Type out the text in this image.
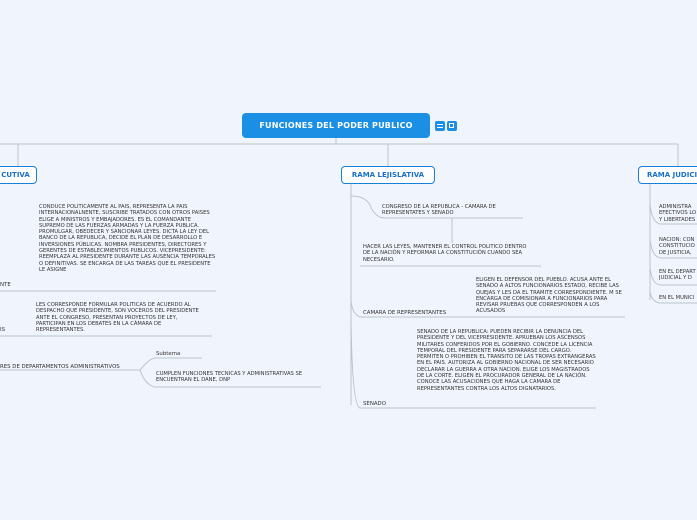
FUNCIONES DEL PODER PUBLICO
CUTIVA
NTE
CONDUCE POLITICAMENTE AL PAIS, REPRESENTA LA PAIS INTERNACIONALNENTE, SUSCRIBE TRATADOS CON OTROS PAISES ELIGE A MINISTROS Y EMBAJADORES. ES EL COMANDANTE SUPREMO DE LAS FUERZAS ARMADAS Y LA FUERZA PUBLICA. PROMULGAR, OBEDECER Y SANCIONAR LEYES. DICTA LA LEY DEL BANCO DE LA REPUBLICA, DECIDE EL PLAN DE DESARROLLO E INVERSIONES PÚBLICAS. NOMBRA PRESIDENTES, DIRECTORES Y GERENTES DE ESTABLECIMIENTOS PUBLICOS. VICEPRESIDENTE: REEMPLAZA AL PRESIDENTE DURANTE LAS AUSENCIA TEMPORALES O DEFINITIVAS. SE ENCARGA DE LAS TAREAS QUE EL PRESIDENTE LE ASIGNE
IS
LES CORRESPONDE FORMULAR POLITICAS DE ACUERDO AL DESPACHO QUE PRESIDENTE, SON VOCEROS DEL PRESIDENTE ANTE EL CONGRESO, PRESENTAN PROYECTOS DE LEY, PARTICIPAN EN LOS DEBATES EN LA CÁMARA DE REPRESENTANTES.
RES DE DEPARTAMENTOS ADMINISTRATIVOS
Subtema
CUMPLEN FUNCIONES TECNICAS Y ADMINISTRATIVAS SE ENCUENTRAN EL DANE, DNP
RAMA LEJISLATIVA
CONGRESO DE LA REPUBLICA - CAMARA DE REPRESENTATES Y SENADO
HACER LAS LEYES, MANTENER EL CONTROL POLITICO DENTRO DE LA NACIÓN Y REFORMAR LA CONSTITUCIÓN CUANDO SEA NECESARIO.
CAMARA DE REPRESENTANTES
ELIGEN EL DEFENSOR DEL PUEBLO. ACUSA ANTE EL SENADO A ALTOS FUNCIONARIOS ESTADO, RECIBE LAS QUEJAS Y LES DA EL TRAMITE CORRESPONDIENTE. M SE ENCARGA DE COMISIONAR A FUNCIONARIOS PARA REVISAR PRUEBAS QUE CORRESPONDEN A LOS ACUSADOS
SENADO
SENADO DE LA REPUBLICA: PUEDEN RECIBIR LA DENUNCIA DEL PRESIDENTE Y DEL VICEPRESIDENTE. APRUEBAN LOS ASCENSOS MILITARES CONFERIDOS POR EL GOBIERNO. CONCEDE LA LICENCIA TEMPORAL DEL PRESIDENTE PARA SEPARARSE DEL CARGO. PERMITEN O PROHIBEN EL TRANSITO DE LAS TROPAS EXTRANGERAS EN EL PAIS. AUTORIZA AL GOBIERNO NACIONAL DE SER NECESARIO DECLARAR LA GUERRA A OTRA NACION. ELIGE LOS MAGISTRADOS DE LA CORTE. ELIGEN EL PROCURADOR GENERAL DE LA NACIÓN. CONOCE LAS ACUSACIONES QUE HAGA LA CAMARA DE REPRESENTANTES CONTRA LOS ALTOS DIGNATARIOS.
RAMA JUDICI
ADMINISTRA
EFECTIVOS LO
Y LIBERTADES
NACION: CON
CONSTITUCIO
DE JUSTICIA,
EN EL DEPART
JUDICIAL Y D
EN EL MUNICI
